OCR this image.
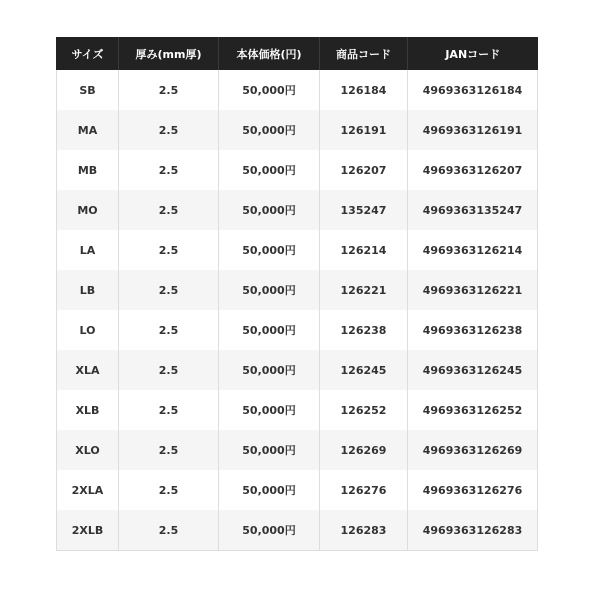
サイズ	厚み(mm厚)	本体価格(円)	商品コード	JANコード
SB	2.5	50,000円	126184	4969363126184
MA	2.5	50,000円	126191	4969363126191
MB	2.5	50,000円	126207	4969363126207
MO	2.5	50,000円	135247	4969363135247
LA	2.5	50,000円	126214	4969363126214
LB	2.5	50,000円	126221	4969363126221
LO	2.5	50,000円	126238	4969363126238
XLA	2.5	50,000円	126245	4969363126245
XLB	2.5	50,000円	126252	4969363126252
XLO	2.5	50,000円	126269	4969363126269
2XLA	2.5	50,000円	126276	4969363126276
2XLB	2.5	50,000円	126283	4969363126283
